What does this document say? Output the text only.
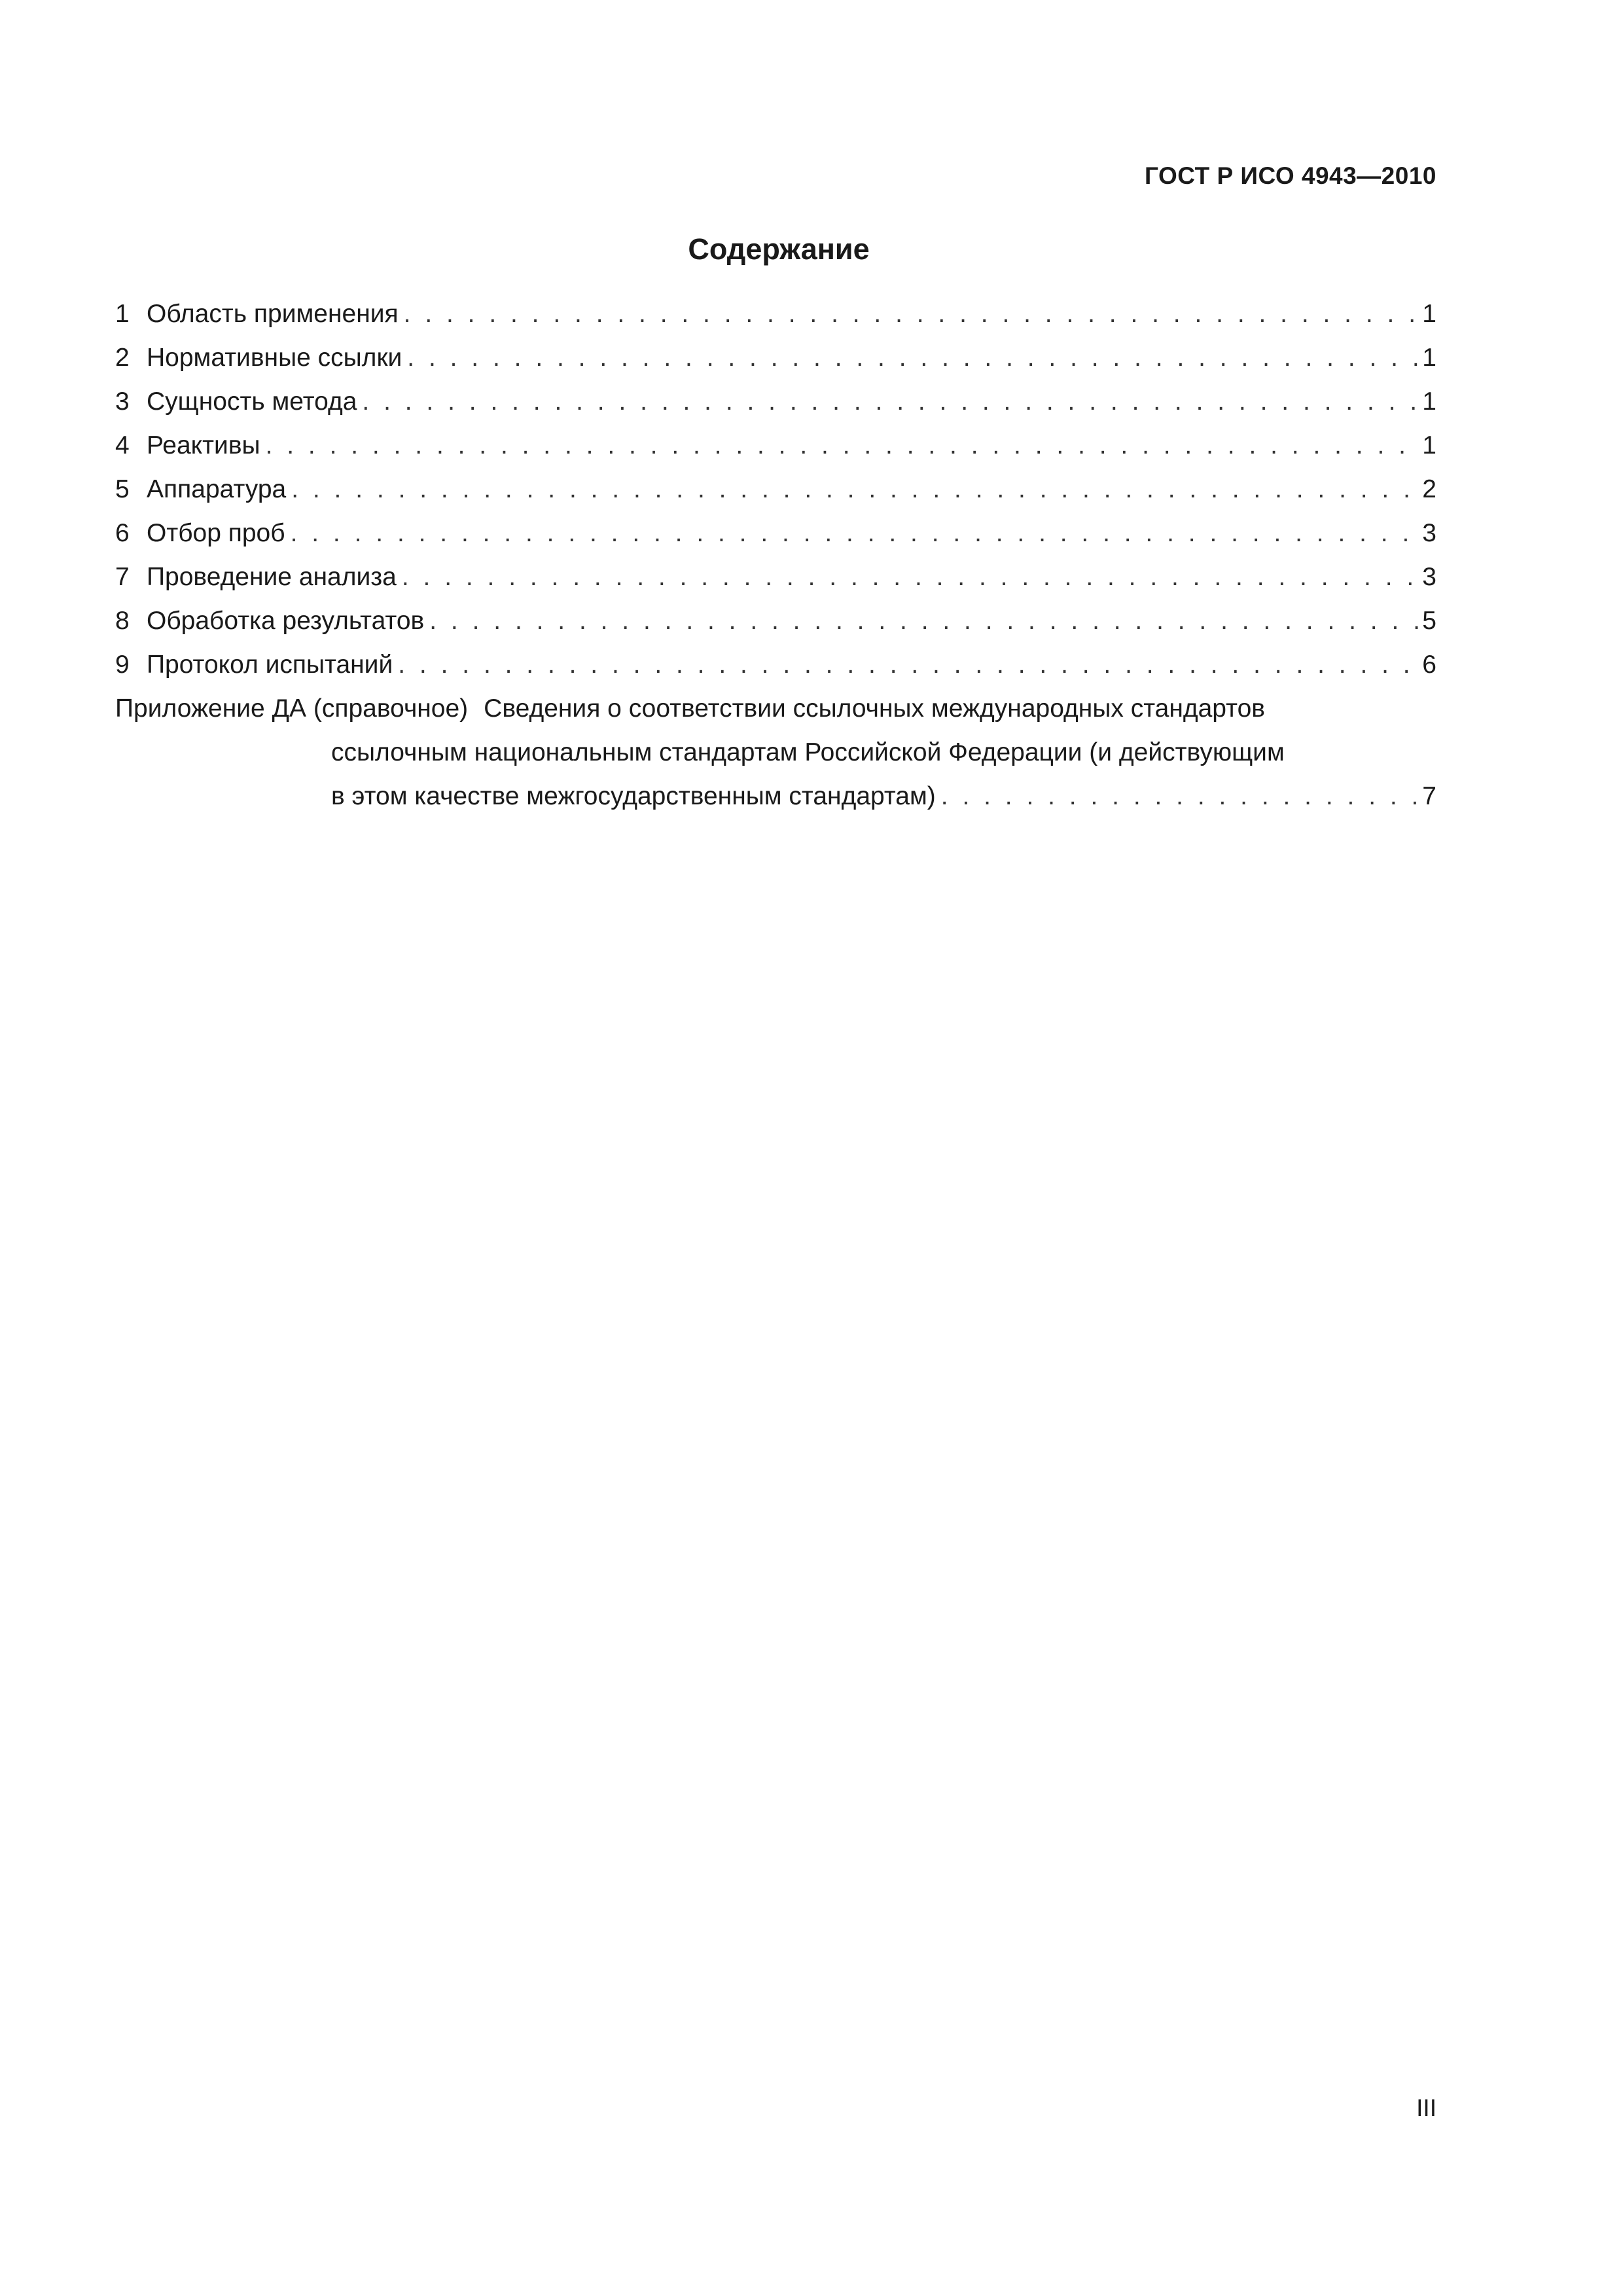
ГОСТ Р ИСО 4943—2010
Содержание
1 Область применения . . .	1
2 Нормативные ссылки . . .	1
3 Сущность метода . . .	1
4 Реактивы . . .	1
5 Аппаратура . . .	2
6 Отбор проб . . .	3
7 Проведение анализа . . .	3
8 Обработка результатов . . .	5
9 Протокол испытаний . . .	6
Приложение ДА (справочное) Сведения о соответствии ссылочных международных стандартов
ссылочным национальным стандартам Российской Федерации (и действующим
в этом качестве межгосударственным стандартам) . . .	7
III
